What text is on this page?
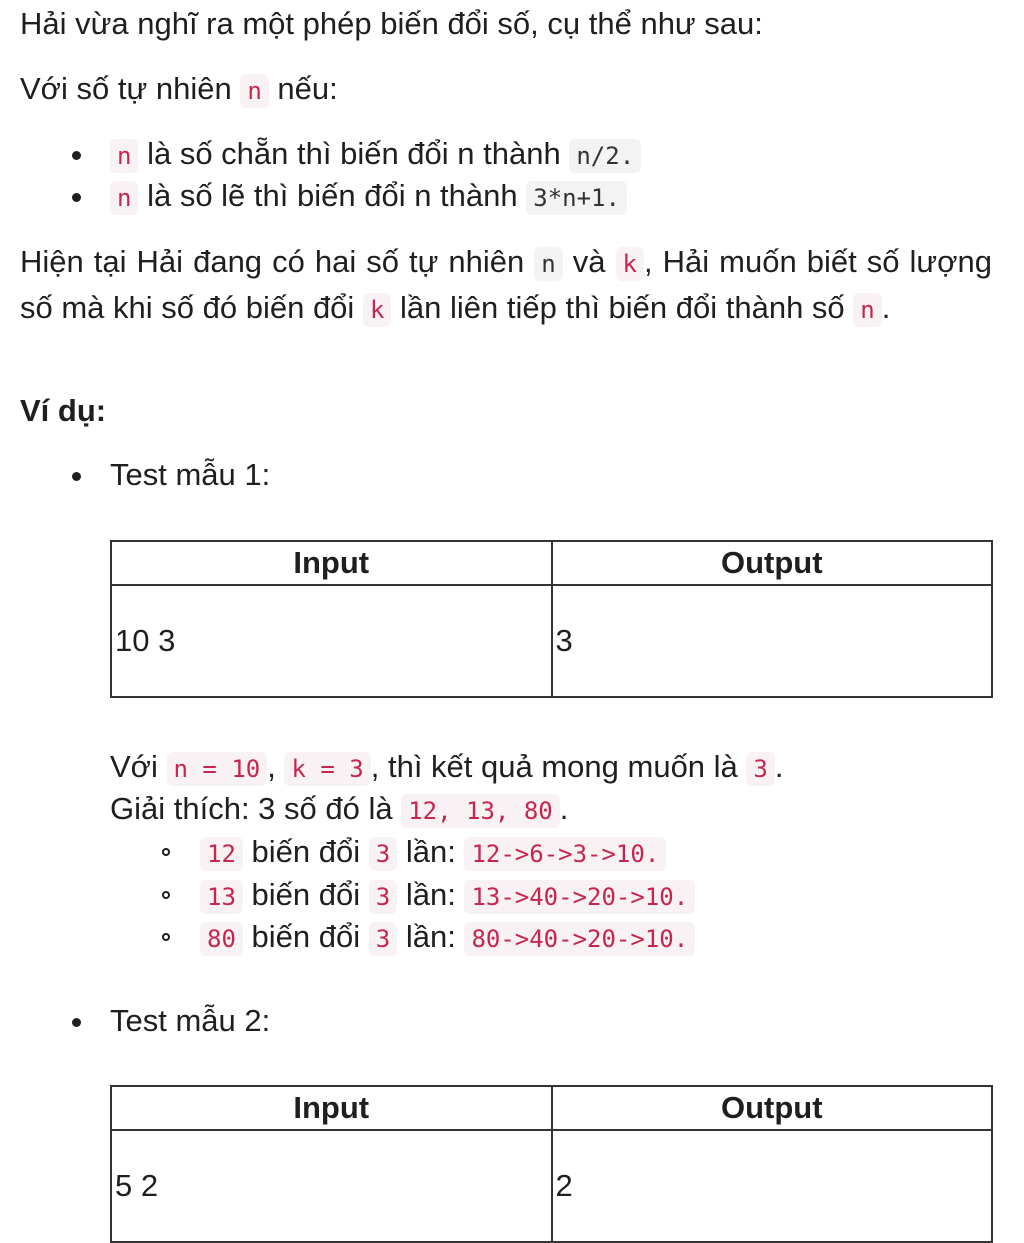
Hải vừa nghĩ ra một phép biến đổi số, cụ thể như sau:
Với số tự nhiên n nếu:
n là số chẵn thì biến đổi n thành n/2.
n là số lẽ thì biến đổi n thành 3*n+1.
Hiện tại Hải đang có hai số tự nhiên n và k , Hải muốn biết số lượng số mà khi số đó biến đổi k lần liên tiếp thì biến đổi thành số n .
Ví dụ:
Test mẫu 1:
Input	Output
10 3	3
Với n = 10 , k = 3 , thì kết quả mong muốn là 3 .
Giải thích: 3 số đó là 12, 13, 80 .
12 biến đổi 3 lần: 12->6->3->10.
13 biến đổi 3 lần: 13->40->20->10.
80 biến đổi 3 lần: 80->40->20->10.
Test mẫu 2:
Input	Output
5 2	2
